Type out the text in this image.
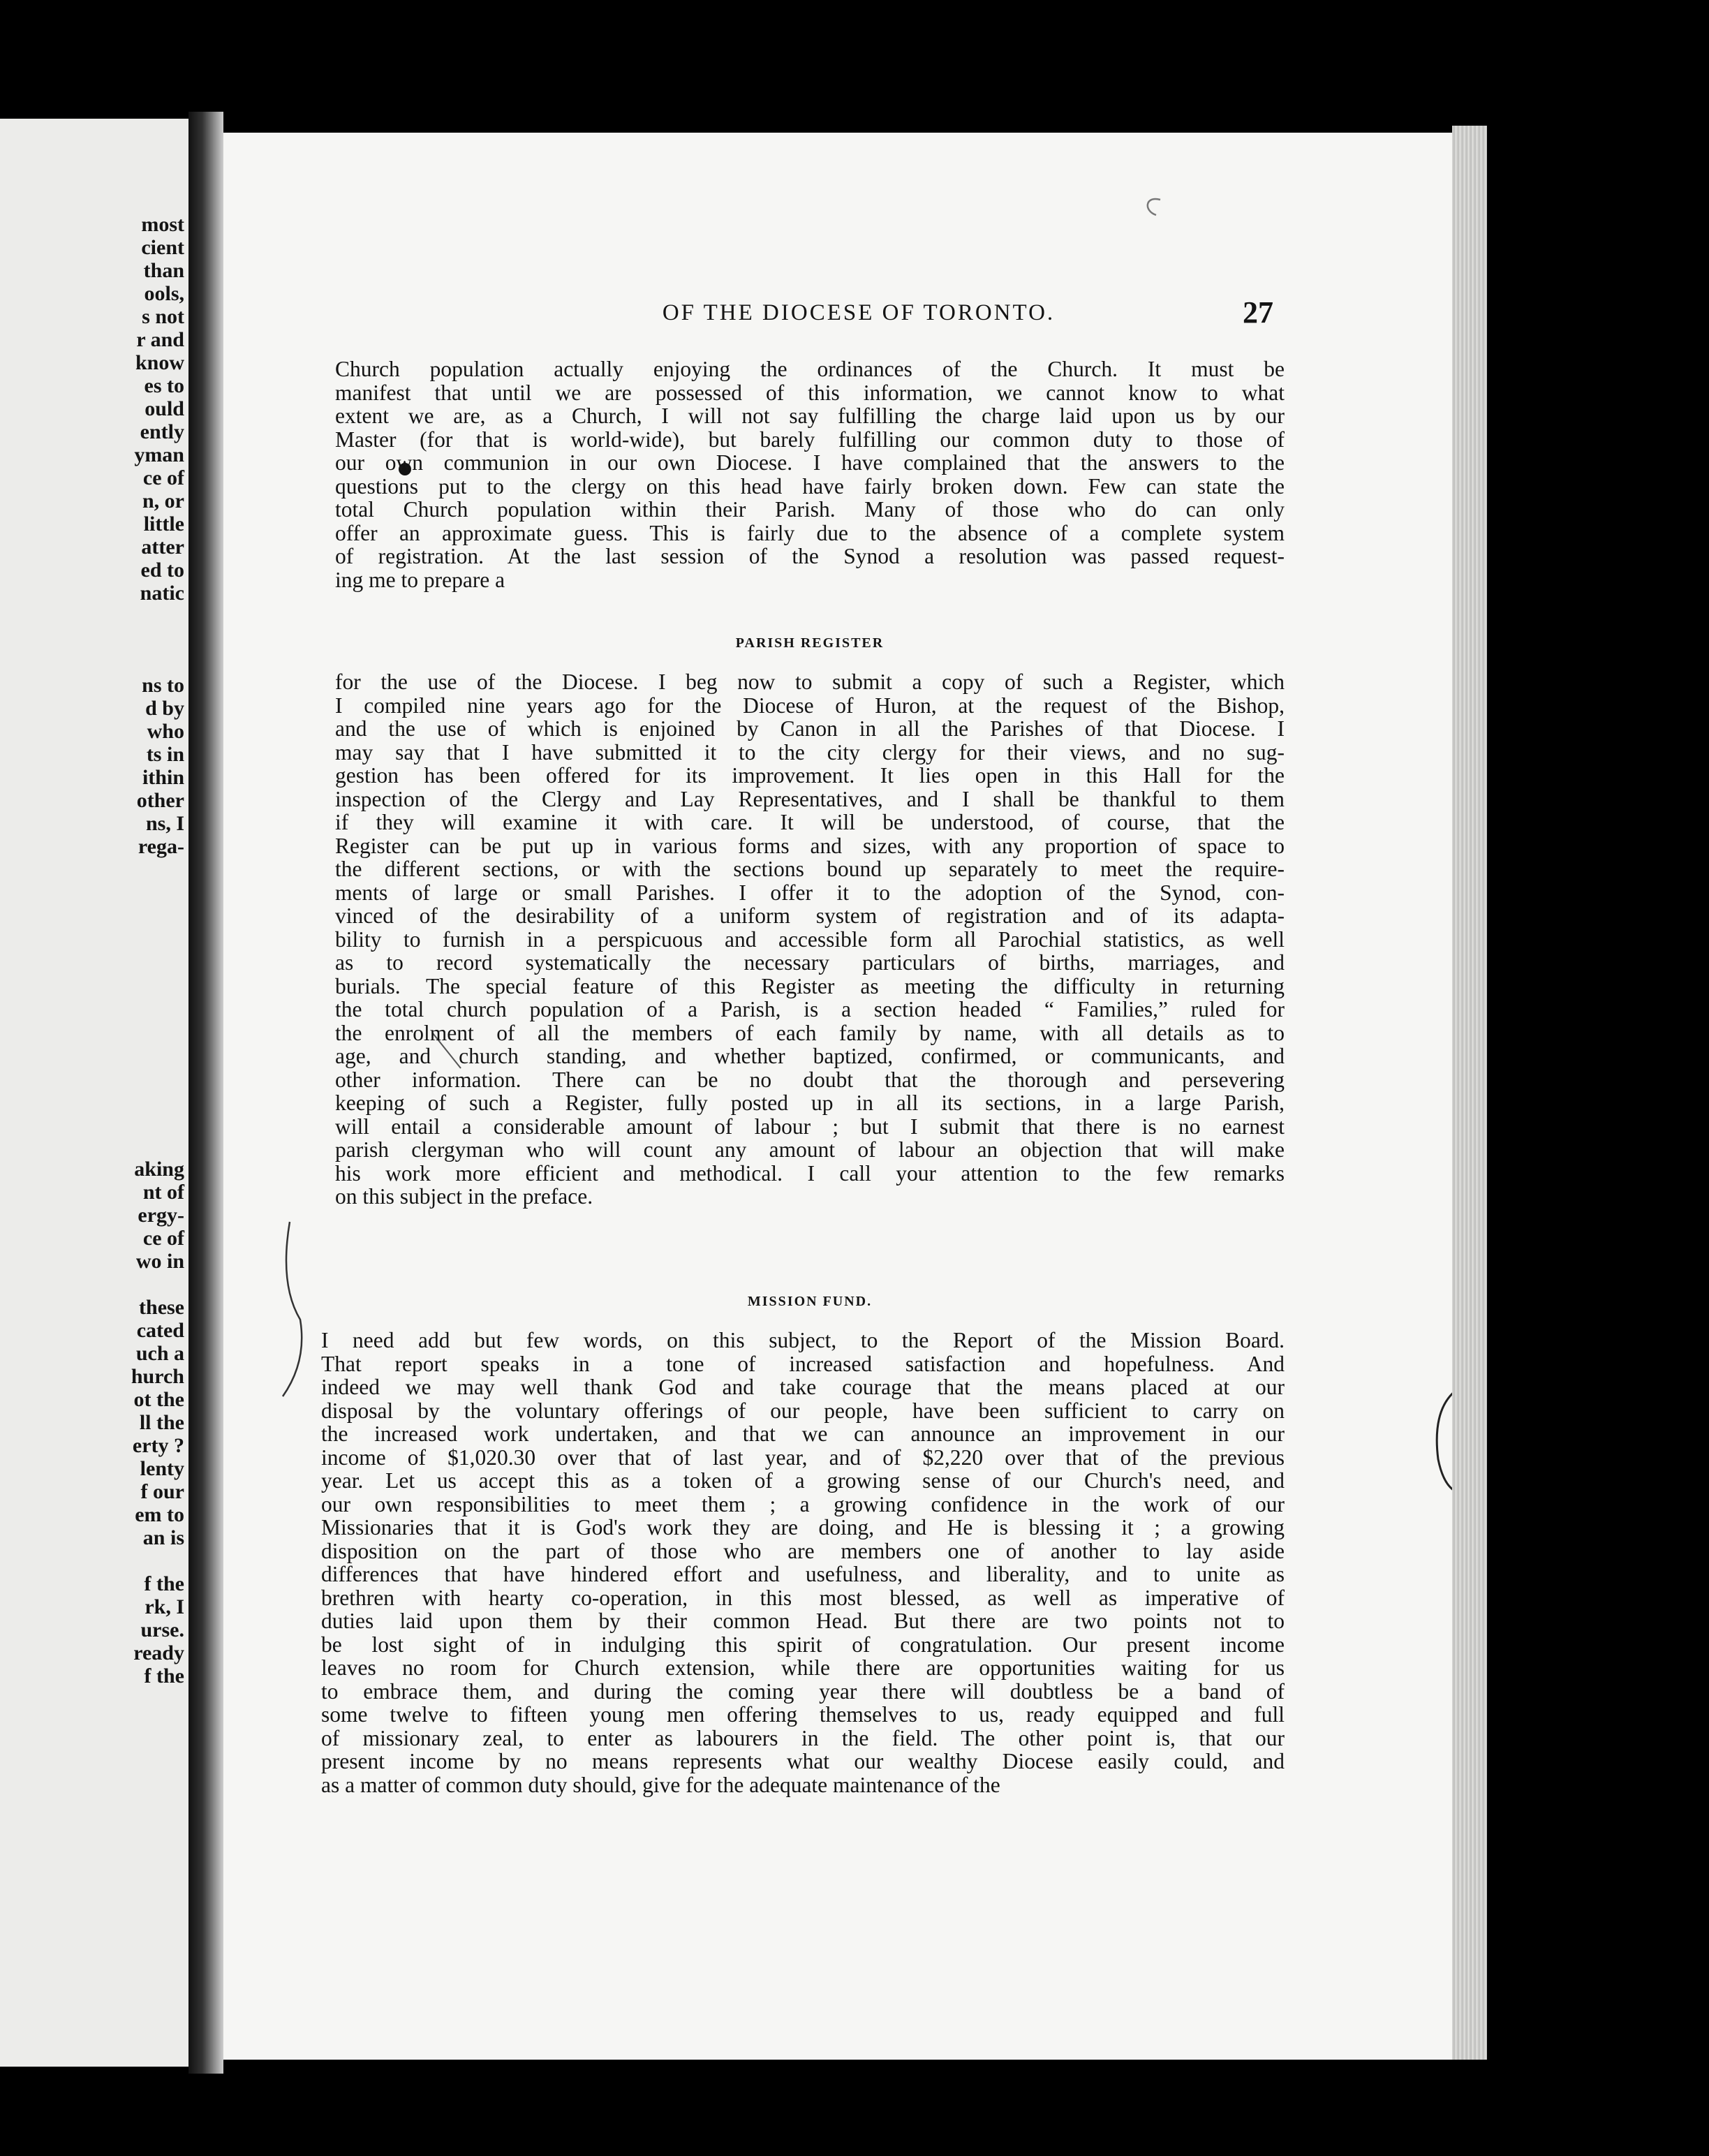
most
cient
than
ools,
s not
r and
know
es to
ould
ently
yman
ce of
n, or
little
atter
ed to
natic
ns to
d by
who
ts in
ithin
other
ns, I
rega-
aking
nt of
ergy-
ce of
wo in
these
cated
uch a
hurch
ot the
ll the
erty ?
lenty
f our
em to
an is
f the
rk, I
urse.
ready
f the
OF THE DIOCESE OF TORONTO.	27
Church population actually enjoying the ordinances of the Church. It must be
manifest that until we are possessed of this information, we cannot know to what
extent we are, as a Church, I will not say fulfilling the charge laid upon us by our
Master (for that is world-wide), but barely fulfilling our common duty to those of
our own communion in our own Diocese. I have complained that the answers to the
questions put to the clergy on this head have fairly broken down. Few can state the
total Church population within their Parish. Many of those who do can only
offer an approximate guess. This is fairly due to the absence of a complete system
of registration. At the last session of the Synod a resolution was passed request-
ing me to prepare a
PARISH REGISTER
for the use of the Diocese. I beg now to submit a copy of such a Register, which
I compiled nine years ago for the Diocese of Huron, at the request of the Bishop,
and the use of which is enjoined by Canon in all the Parishes of that Diocese. I
may say that I have submitted it to the city clergy for their views, and no sug-
gestion has been offered for its improvement. It lies open in this Hall for the
inspection of the Clergy and Lay Representatives, and I shall be thankful to them
if they will examine it with care. It will be understood, of course, that the
Register can be put up in various forms and sizes, with any proportion of space to
the different sections, or with the sections bound up separately to meet the require-
ments of large or small Parishes. I offer it to the adoption of the Synod, con-
vinced of the desirability of a uniform system of registration and of its adapta-
bility to furnish in a perspicuous and accessible form all Parochial statistics, as well
as to record systematically the necessary particulars of births, marriages, and
burials. The special feature of this Register as meeting the difficulty in returning
the total church population of a Parish, is a section headed “ Families,” ruled for
the enrolment of all the members of each family by name, with all details as to
age, and church standing, and whether baptized, confirmed, or communicants, and
other information. There can be no doubt that the thorough and persevering
keeping of such a Register, fully posted up in all its sections, in a large Parish,
will entail a considerable amount of labour ; but I submit that there is no earnest
parish clergyman who will count any amount of labour an objection that will make
his work more efficient and methodical. I call your attention to the few remarks
on this subject in the preface.
MISSION FUND.
I need add but few words, on this subject, to the Report of the Mission Board.
That report speaks in a tone of increased satisfaction and hopefulness. And
indeed we may well thank God and take courage that the means placed at our
disposal by the voluntary offerings of our people, have been sufficient to carry on
the increased work undertaken, and that we can announce an improvement in our
income of $1,020.30 over that of last year, and of $2,220 over that of the previous
year. Let us accept this as a token of a growing sense of our Church's need, and
our own responsibilities to meet them ; a growing confidence in the work of our
Missionaries that it is God's work they are doing, and He is blessing it ; a growing
disposition on the part of those who are members one of another to lay aside
differences that have hindered effort and usefulness, and liberality, and to unite as
brethren with hearty co-operation, in this most blessed, as well as imperative of
duties laid upon them by their common Head. But there are two points not to
be lost sight of in indulging this spirit of congratulation. Our present income
leaves no room for Church extension, while there are opportunities waiting for us
to embrace them, and during the coming year there will doubtless be a band of
some twelve to fifteen young men offering themselves to us, ready equipped and full
of missionary zeal, to enter as labourers in the field. The other point is, that our
present income by no means represents what our wealthy Diocese easily could, and
as a matter of common duty should, give for the adequate maintenance of the
